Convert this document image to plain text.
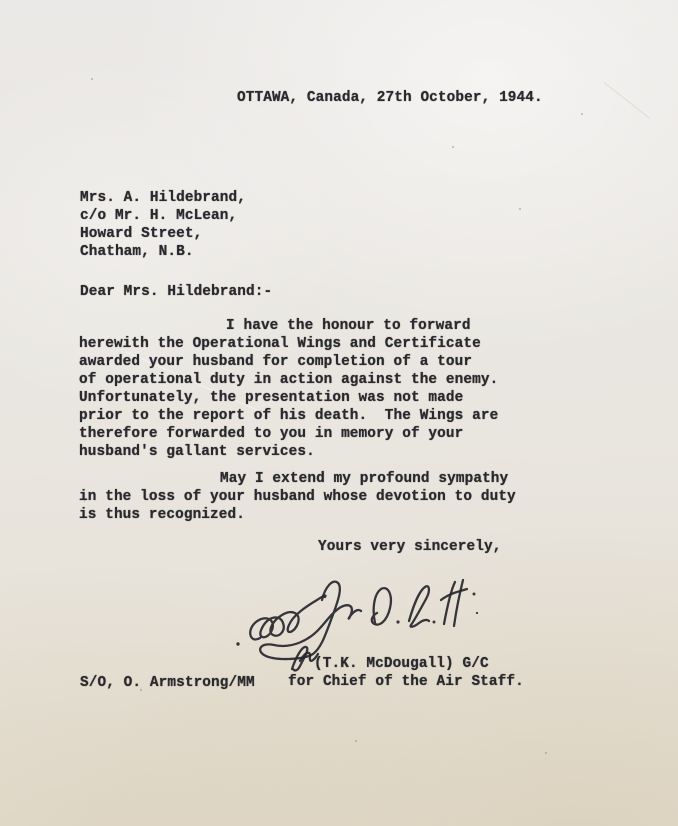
OTTAWA, Canada, 27th October, 1944.
Mrs. A. Hildebrand,
c/o Mr. H. McLean,
Howard Street,
Chatham, N.B.
Dear Mrs. Hildebrand:-
I have the honour to forward
herewith the Operational Wings and Certificate
awarded your husband for completion of a tour
of operational duty in action against the enemy.
Unfortunately, the presentation was not made
prior to the report of his death.  The Wings are
therefore forwarded to you in memory of your
husband's gallant services.
May I extend my profound sympathy
in the loss of your husband whose devotion to duty
is thus recognized.
Yours very sincerely,
(T.K. McDougall) G/C
for Chief of the Air Staff.
S/O, O. Armstrong/MM
